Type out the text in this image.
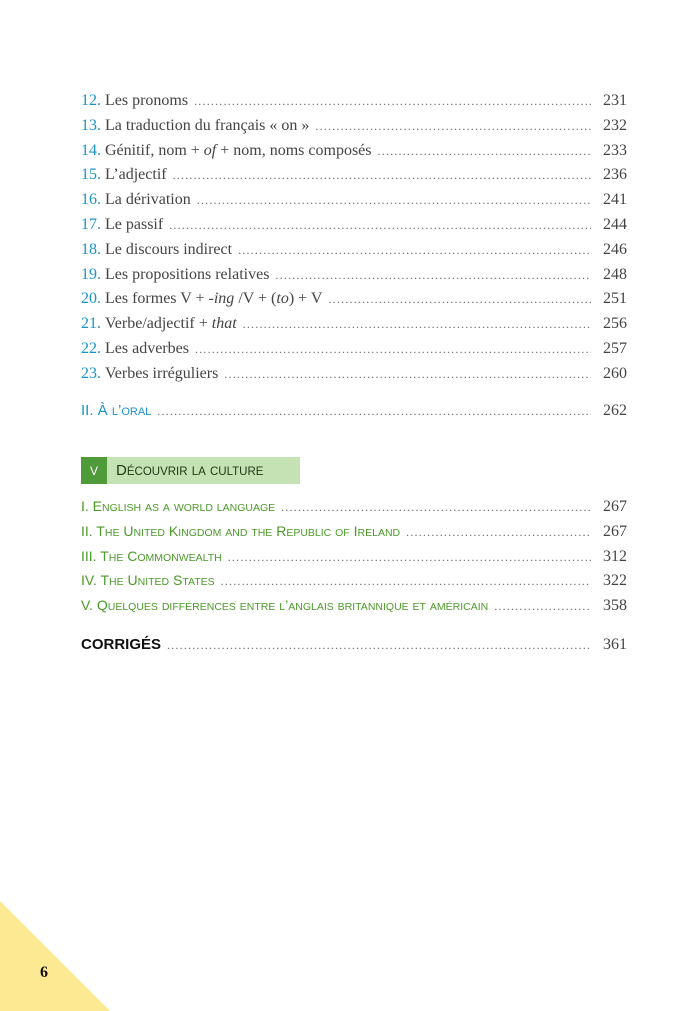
12. Les pronoms .....	231
13. La traduction du français « on » .....	232
14. Génitif, nom + of + nom, noms composés .....	233
15. L’adjectif .....	236
16. La dérivation .....	241
17. Le passif .....	244
18. Le discours indirect .....	246
19. Les propositions relatives .....	248
20. Les formes V + -ing /V + (to) + V .....	251
21. Verbe/adjectif + that .....	256
22. Les adverbes .....	257
23. Verbes irréguliers .....	260
II. À L’ORAL .....	262
V	DÉCOUVRIR LA CULTURE
I. ENGLISH AS A WORLD LANGUAGE .....	267
II. THE UNITED KINGDOM AND THE REPUBLIC OF IRELAND .....	267
III. THE COMMONWEALTH .....	312
IV. THE UNITED STATES .....	322
V. QUELQUES DIFFÉRENCES ENTRE L’ANGLAIS BRITANNIQUE ET AMÉRICAIN .....	358
CORRIGÉS .....	361
6
